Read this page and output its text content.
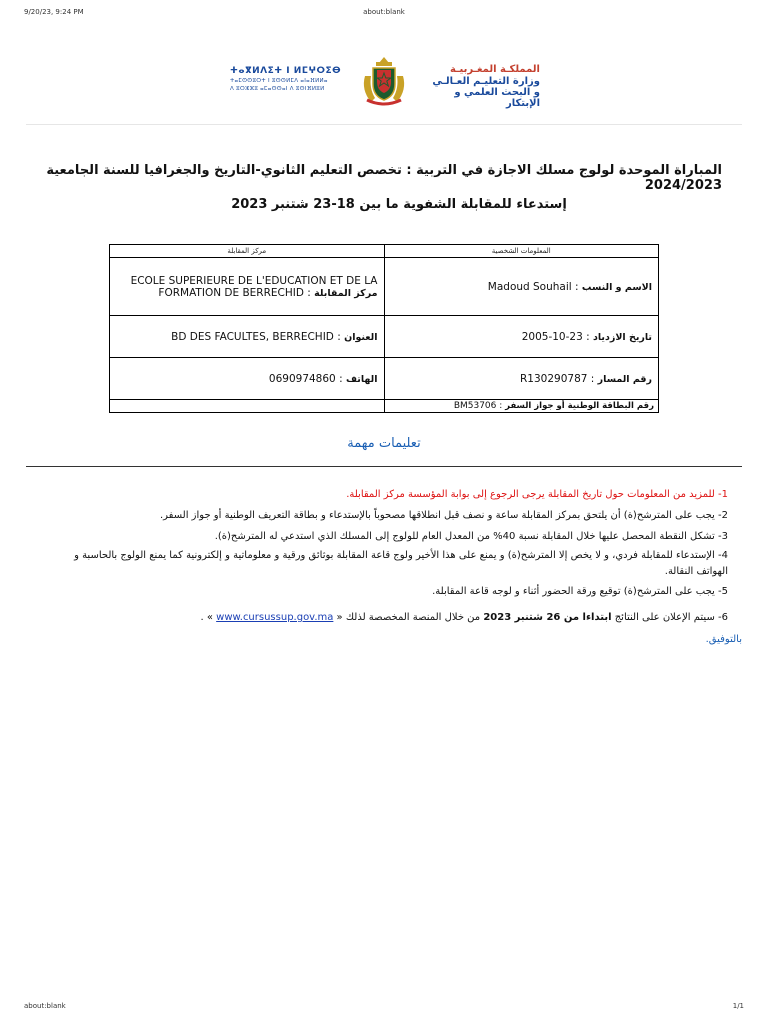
9/20/23, 9:24 PM	about:blank
ⵜⴰⴳⵍⴷⵉⵜ ⵏ ⵍⵎⵖⵔⵉⴱ
ⵜⴰⵎⵙⵙⵓⵔⵜ ⵏ ⵓⵙⵙⵍⵎⴷ ⴰⵏⴰⴼⵍⵍⴰ
ⴷ ⵓⵔⵣⵣⵓ ⴰⵎⴰⵙⵙⴰⵏ ⴷ ⵓⵙⵏⴼⵍⵓⵍ
المملكـة المغـربيـة
وزارة التعليـم العـالـي
و البحث العلمي و الإبتكار
المباراة الموحدة لولوج مسلك الاجازة في التربية : تخصص التعليم الثانوي-التاريخ والجغرافيا للسنة الجامعية 2024/2023
إستدعاء للمقابلة الشفوية ما بين 18-23 شتنبر 2023
المعلومات الشخصية	مركز المقابلة
Madoud Souhail : الاسم و النسب	ECOLE SUPERIEURE DE L'EDUCATION ET DE LA FORMATION DE BERRECHID : مركز المقابلة
2005-10-23 : تاريخ الازدياد	BD DES FACULTES, BERRECHID : العنوان
R130290787 : رقم المسار	0690974860 : الهاتف
BM53706 : رقم البطاقة الوطنية أو جواز السفر	
تعليمات مهمة
1- للمزيد من المعلومات حول تاريخ المقابلة يرجى الرجوع إلى بوابة المؤسسة مركز المقابلة.
2- يجب على المترشح(ة) أن يلتحق بمركز المقابلة ساعة و نصف قبل انطلاقها مصحوباً بالإستدعاء و بطاقة التعريف الوطنية أو جواز السفر.
3- تشكل النقطة المحصل عليها خلال المقابلة نسبة 40% من المعدل العام للولوج إلى المسلك الذي استدعي له المترشح(ة).
4- الإستدعاء للمقابلة فردي، و لا يخص إلا المترشح(ة) و يمنع على هذا الأخير ولوج قاعة المقابلة بوثائق ورقية و معلوماتية و إلكترونية كما يمنع الولوج بالحاسبة و الهواتف النقالة.
5- يجب على المترشح(ة) توقيع ورقة الحضور أثناء و لوجه قاعة المقابلة.
6- سيتم الإعلان على النتائج ابتداءا من 26 شتنبر 2023 من خلال المنصة المخصصة لذلك « www.cursussup.gov.ma » .
بالتوفيق.
about:blank	1/1
